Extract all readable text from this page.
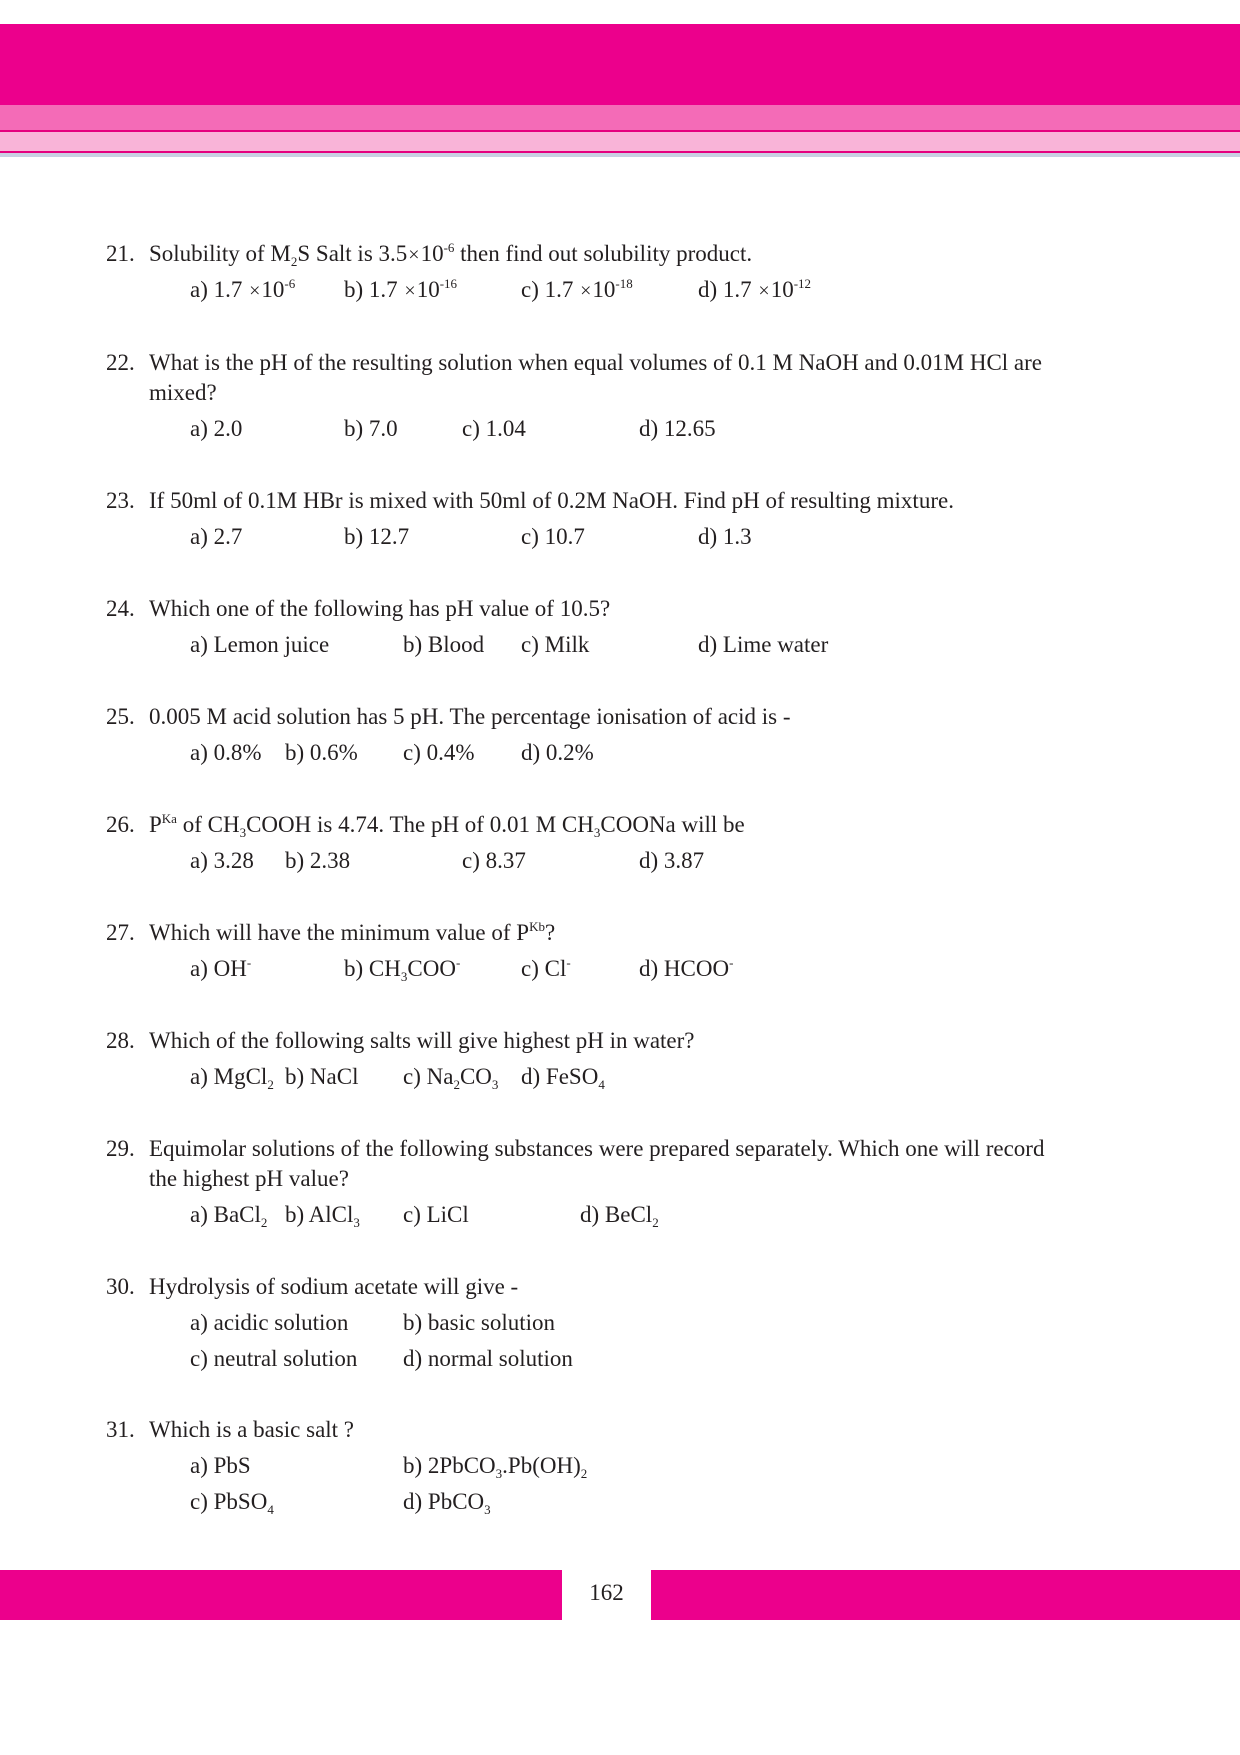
21. Solubility of $M_2S$ Salt is $3.5\times 10^{-6}$ then find out solubility product.
a) $1.7 \times 10^{-6}$ b) $1.7 \times 10^{-16}$	c) $1.7 \times 10^{-18}$	d) $1.7 \times 10^{-12}$
22. What is the pH of the resulting solution when equal volumes of 0.1 M NaOH and 0.01M HCl are
mixed?
a) 2.0	b) 7.0	c) 1.04	d) 12.65
23. If 50ml of 0.1M HBr is mixed with 50ml of 0.2M NaOH. Find pH of resulting mixture.
a) 2.7	b) 12.7	c) 10.7	d) 1.3
24. Which one of the following has pH value of 10.5?
a) Lemon juice	b) Blood c) Milk	d) Lime water
25. 0.005 M acid solution has 5 pH. The percentage ionisation of acid is -
a) 0.8% b) 0.6% c) 0.4% d) 0.2%
26. $P^{Ka}$ of $CH_3COOH$ is 4.74. The pH of 0.01 M $CH_3COONa$ will be
a) 3.28 b) 2.38	c) 8.37	d) 3.87
27. Which will have the minimum value of $P^{Kb}$?
a) OH-	b) $CH_3COO^-$	c) Cl-	d) HCOO-
28. Which of the following salts will give highest pH in water?
a) MgCl$_2$ b) NaCl c) $Na_2CO_3$ d) FeSO$_4$
29. Equimolar solutions of the following substances were prepared separately. Which one will record
the highest pH value?
a) BaCl$_2$ b) AlCl$_3$ c) LiCl	d) BeCl$_2$
30. Hydrolysis of sodium acetate will give -
a) acidic solution b) basic solution
c) neutral solution d) normal solution
31. Which is a basic salt ?
a) PbS	b) $2PbCO_3.Pb(OH)_2$
c) PbSO$_4$	d) PbCO$_3$
162
